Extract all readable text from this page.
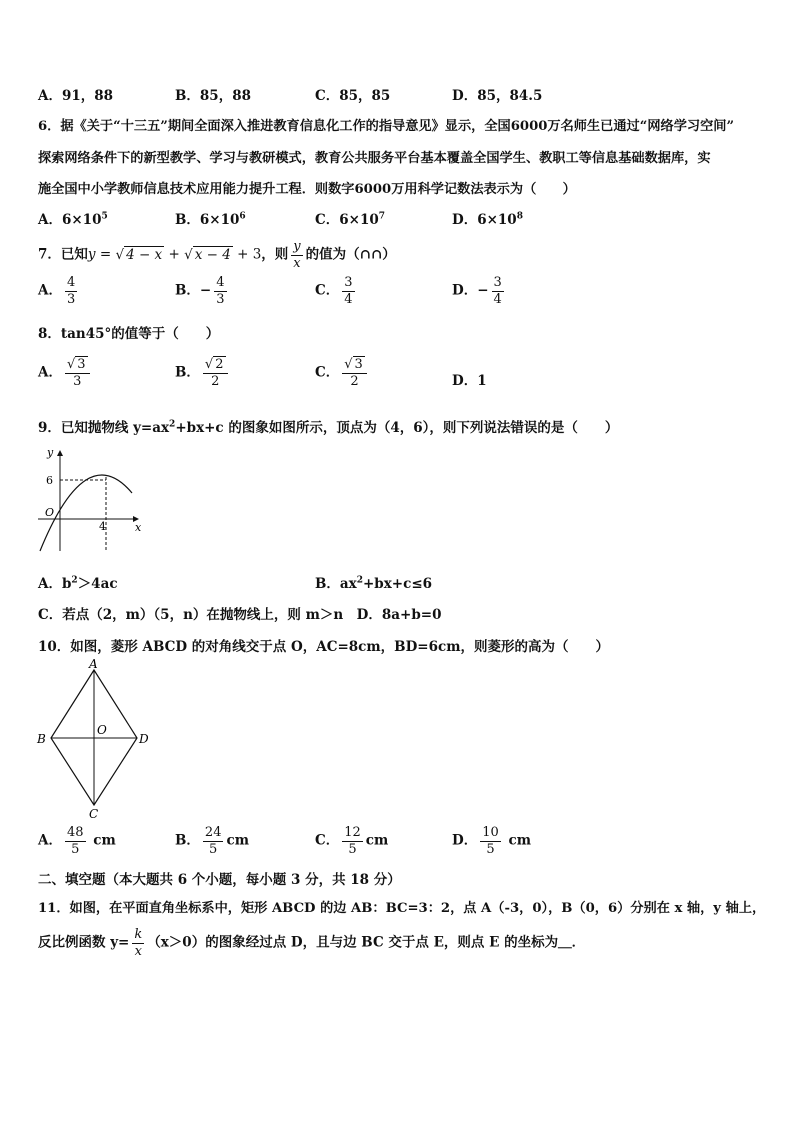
A．91，88	B．85，88	C．85，85	D．85，84.5
6．据《关于“十三五”期间全面深入推进教育信息化工作的指导意见》显示，全国6000万名师生已通过“网络学习空间”
探索网络条件下的新型教学、学习与教研模式，教育公共服务平台基本覆盖全国学生、教职工等信息基础数据库，实
施全国中小学教师信息技术应用能力提升工程．则数字6000万用科学记数法表示为（　　）
A．$6\times 10^5$	B．$6\times 10^6$	C．$6\times 10^7$	D．$6\times 10^8$
7．已知y = √ 4 − x + √ x − 4 + 3，则 $\frac{y}{x}$ 的值为（∩∩）
A． $\frac{4}{3}$	B．− $\frac{4}{3}$	C． $\frac{3}{4}$	D．− $\frac{3}{4}$
8．tan45°的值等于（　　）
A． $\frac{√ 3}{3}$	B． $\frac{√ 2}{2}$	C． $\frac{√ 3}{2}$	D．1
9．已知抛物线 $y=ax^2+bx+c$ 的图象如图所示，顶点为（4，6），则下列说法错误的是（　　）
y
x
6
4
O
A．$b^2>4ac$	B．$ax^2+bx+c\le 6$
C．若点（2，m）（5，n）在抛物线上，则 m＞n　D．8a+b=0
10．如图，菱形 ABCD 的对角线交于点 O，AC=8cm，BD=6cm，则菱形的高为（　　）
A
B
C
D
O
A． $\frac{48}{5}$ cm	B． $\frac{24}{5}$ cm	C． $\frac{12}{5}$ cm	D． $\frac{10}{5}$ cm
二、填空题（本大题共 6 个小题，每小题 3 分，共 18 分）
11．如图，在平面直角坐标系中，矩形 ABCD 的边 AB：BC=3：2，点 A（-3，0），B（0，6）分别在 x 轴，y 轴上，
反比例函数 $y= \frac{k}{x} (x>0)$的图象经过点 D，且与边 BC 交于点 E，则点 E 的坐标为＿．
